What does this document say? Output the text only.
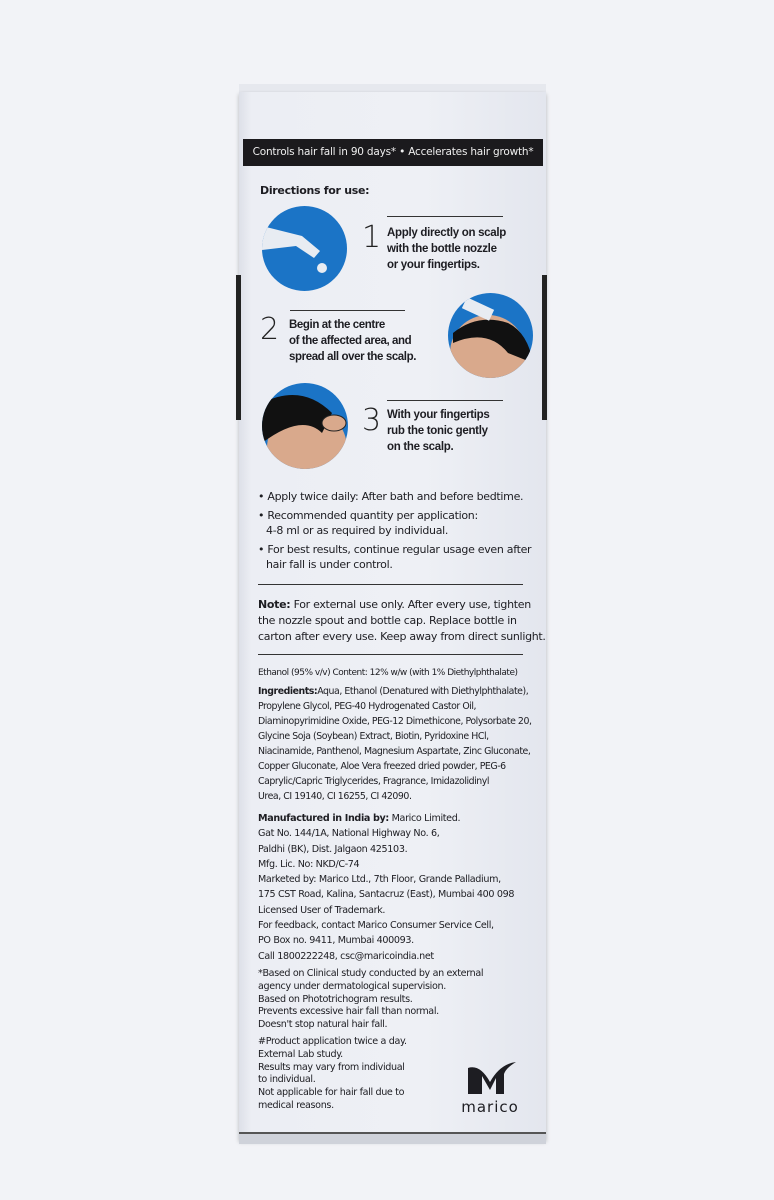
Controls hair fall in 90 days* • Accelerates hair growth*
Directions for use:
1 Apply directly on scalp
with the bottle nozzle
or your fingertips.
2 Begin at the centre
of the affected area, and
spread all over the scalp.
3 With your fingertips
rub the tonic gently
on the scalp.
• Apply twice daily: After bath and before bedtime.
• Recommended quantity per application:
4-8 ml or as required by individual.
• For best results, continue regular usage even after
hair fall is under control.
Note: For external use only. After every use, tighten
the nozzle spout and bottle cap. Replace bottle in
carton after every use. Keep away from direct sunlight.
Ethanol (95% v/v) Content: 12% w/w (with 1% Diethylphthalate)
Ingredients:Aqua, Ethanol (Denatured with Diethylphthalate),
Propylene Glycol, PEG-40 Hydrogenated Castor Oil,
Diaminopyrimidine Oxide, PEG-12 Dimethicone, Polysorbate 20,
Glycine Soja (Soybean) Extract, Biotin, Pyridoxine HCl,
Niacinamide, Panthenol, Magnesium Aspartate, Zinc Gluconate,
Copper Gluconate, Aloe Vera freezed dried powder, PEG-6
Caprylic/Capric Triglycerides, Fragrance, Imidazolidinyl
Urea, CI 19140, CI 16255, CI 42090.
Manufactured in India by: Marico Limited.
Gat No. 144/1A, National Highway No. 6,
Paldhi (BK), Dist. Jalgaon 425103.
Mfg. Lic. No: NKD/C-74
Marketed by: Marico Ltd., 7th Floor, Grande Palladium,
175 CST Road, Kalina, Santacruz (East), Mumbai 400 098
Licensed User of Trademark.
For feedback, contact Marico Consumer Service Cell,
PO Box no. 9411, Mumbai 400093.
Call 1800222248, csc@maricoindia.net
*Based on Clinical study conducted by an external
agency under dermatological supervision.
Based on Phototrichogram results.
Prevents excessive hair fall than normal.
Doesn't stop natural hair fall.
#Product application twice a day.
External Lab study.
Results may vary from individual
to individual.
Not applicable for hair fall due to
medical reasons.	marico
